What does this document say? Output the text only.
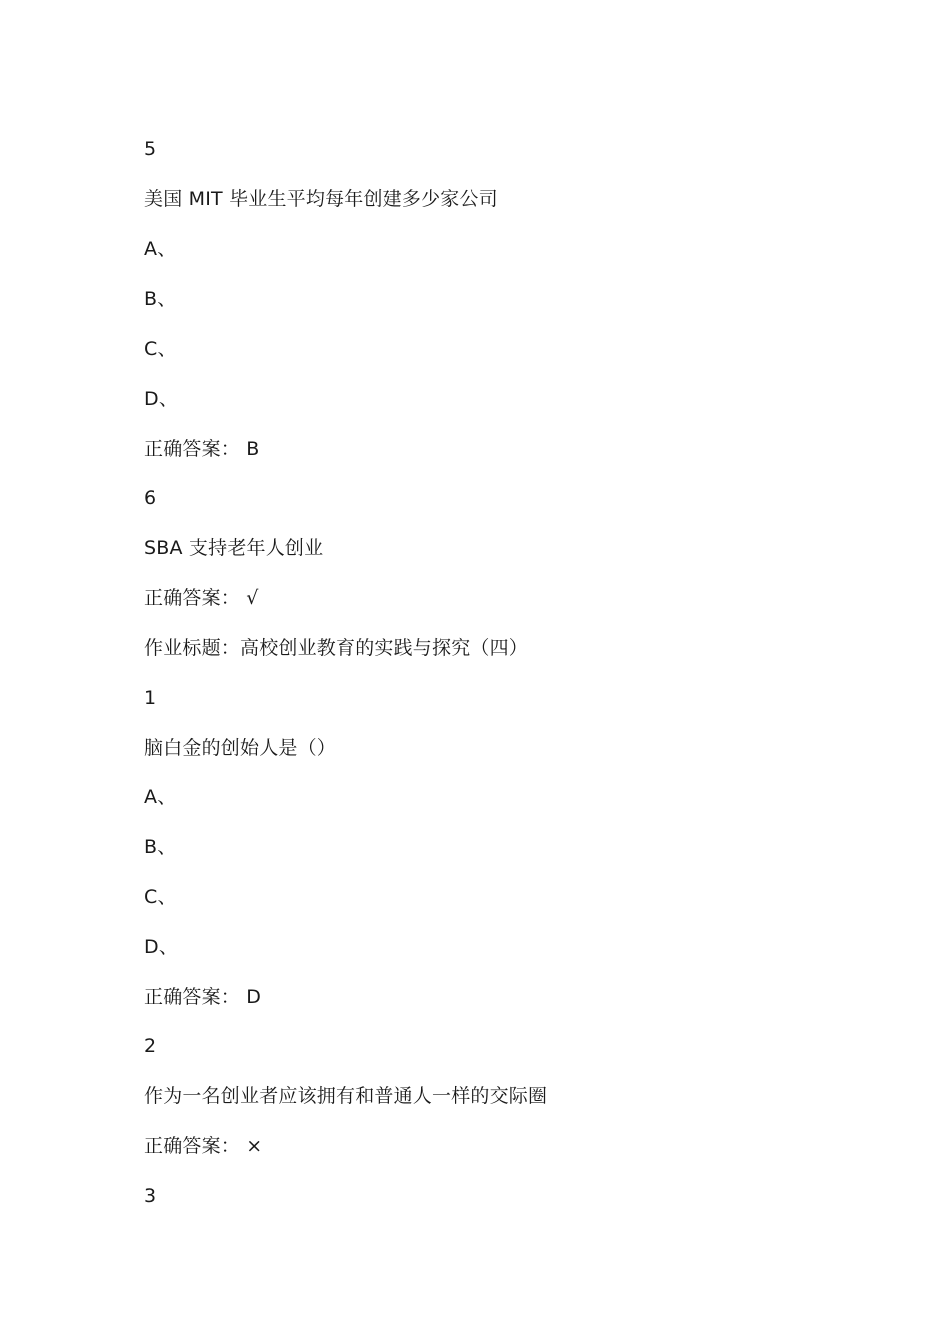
5
美国 MIT 毕业生平均每年创建多少家公司
A、
B、
C、
D、
正确答案： B
6
SBA 支持老年人创业
正确答案： √
作业标题：高校创业教育的实践与探究（四）
1
脑白金的创始人是（）
A、
B、
C、
D、
正确答案： D
2
作为一名创业者应该拥有和普通人一样的交际圈
正确答案： ×
3
